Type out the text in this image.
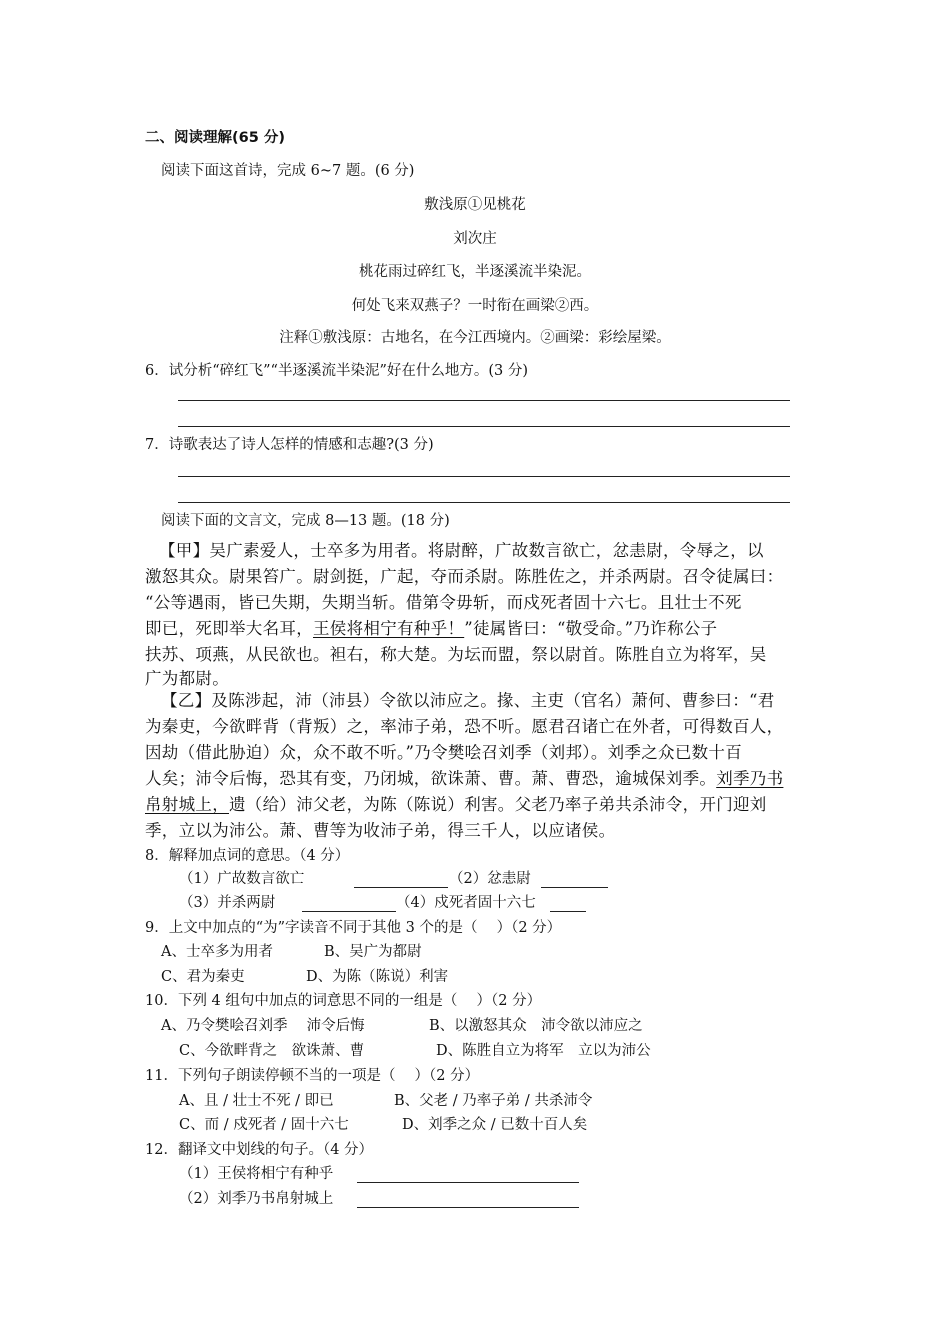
二、阅读理解(65 分)
阅读下面这首诗，完成 6~7 题。(6 分)
敷浅原①见桃花
刘次庄
桃花雨过碎红飞，半逐溪流半染泥。
何处飞来双燕子？一时衔在画梁②西。
注释①敷浅原：古地名，在今江西境内。②画梁：彩绘屋梁。
6．试分析“碎红飞”“半逐溪流半染泥”好在什么地方。(3 分)
7．诗歌表达了诗人怎样的情感和志趣?(3 分)
阅读下面的文言文，完成 8—13 题。(18 分)
【甲】吴广素爱人，士卒多为用者。将尉醉，广故数言欲亡，忿恚尉，令辱之，以
激怒其众。尉果笞广。尉剑挺，广起，夺而杀尉。陈胜佐之，并杀两尉。召令徒属曰：
“公等遇雨，皆已失期，失期当斩。借第令毋斩，而戍死者固十六七。且壮士不死
即已，死即举大名耳，王侯将相宁有种乎！”徒属皆曰：“敬受命。”乃诈称公子
扶苏、项燕，从民欲也。袒右，称大楚。为坛而盟，祭以尉首。陈胜自立为将军，吴
广为都尉。
【乙】及陈涉起，沛（沛县）令欲以沛应之。掾、主吏（官名）萧何、曹参曰：“君
为秦吏，今欲畔背（背叛）之，率沛子弟，恐不听。愿君召诸亡在外者，可得数百人，
因劫（借此胁迫）众，众不敢不听。”乃令樊哙召刘季（刘邦）。刘季之众已数十百
人矣；沛令后悔，恐其有变，乃闭城，欲诛萧、曹。萧、曹恐，逾城保刘季。刘季乃书
帛射城上，遗（给）沛父老，为陈（陈说）利害。父老乃率子弟共杀沛令，开门迎刘
季，立以为沛公。萧、曹等为收沛子弟，得三千人，以应诸侯。
8．解释加点词的意思。（4 分）
（1）广故数言欲亡	（2）忿恚尉
（3）并杀两尉	（4）戍死者固十六七
9．上文中加点的“为”字读音不同于其他 3 个的是（　 ）（2 分）
A、士卒多为用者	B、吴广为都尉
C、君为秦吏	D、为陈（陈说）利害
10．下列 4 组句中加点的词意思不同的一组是（　 ）（2 分）
A、乃令樊哙召刘季　 沛令后悔	B、以激怒其众　沛令欲以沛应之
C、今欲畔背之　欲诛萧、曹	D、陈胜自立为将军　立以为沛公
11．下列句子朗读停顿不当的一项是（　 ）（2 分）
A、且 / 壮士不死 / 即已	B、父老 / 乃率子弟 / 共杀沛令
C、而 / 戍死者 / 固十六七	D、刘季之众 / 已数十百人矣
12．翻译文中划线的句子。（4 分）
（1）王侯将相宁有种乎
（2）刘季乃书帛射城上
